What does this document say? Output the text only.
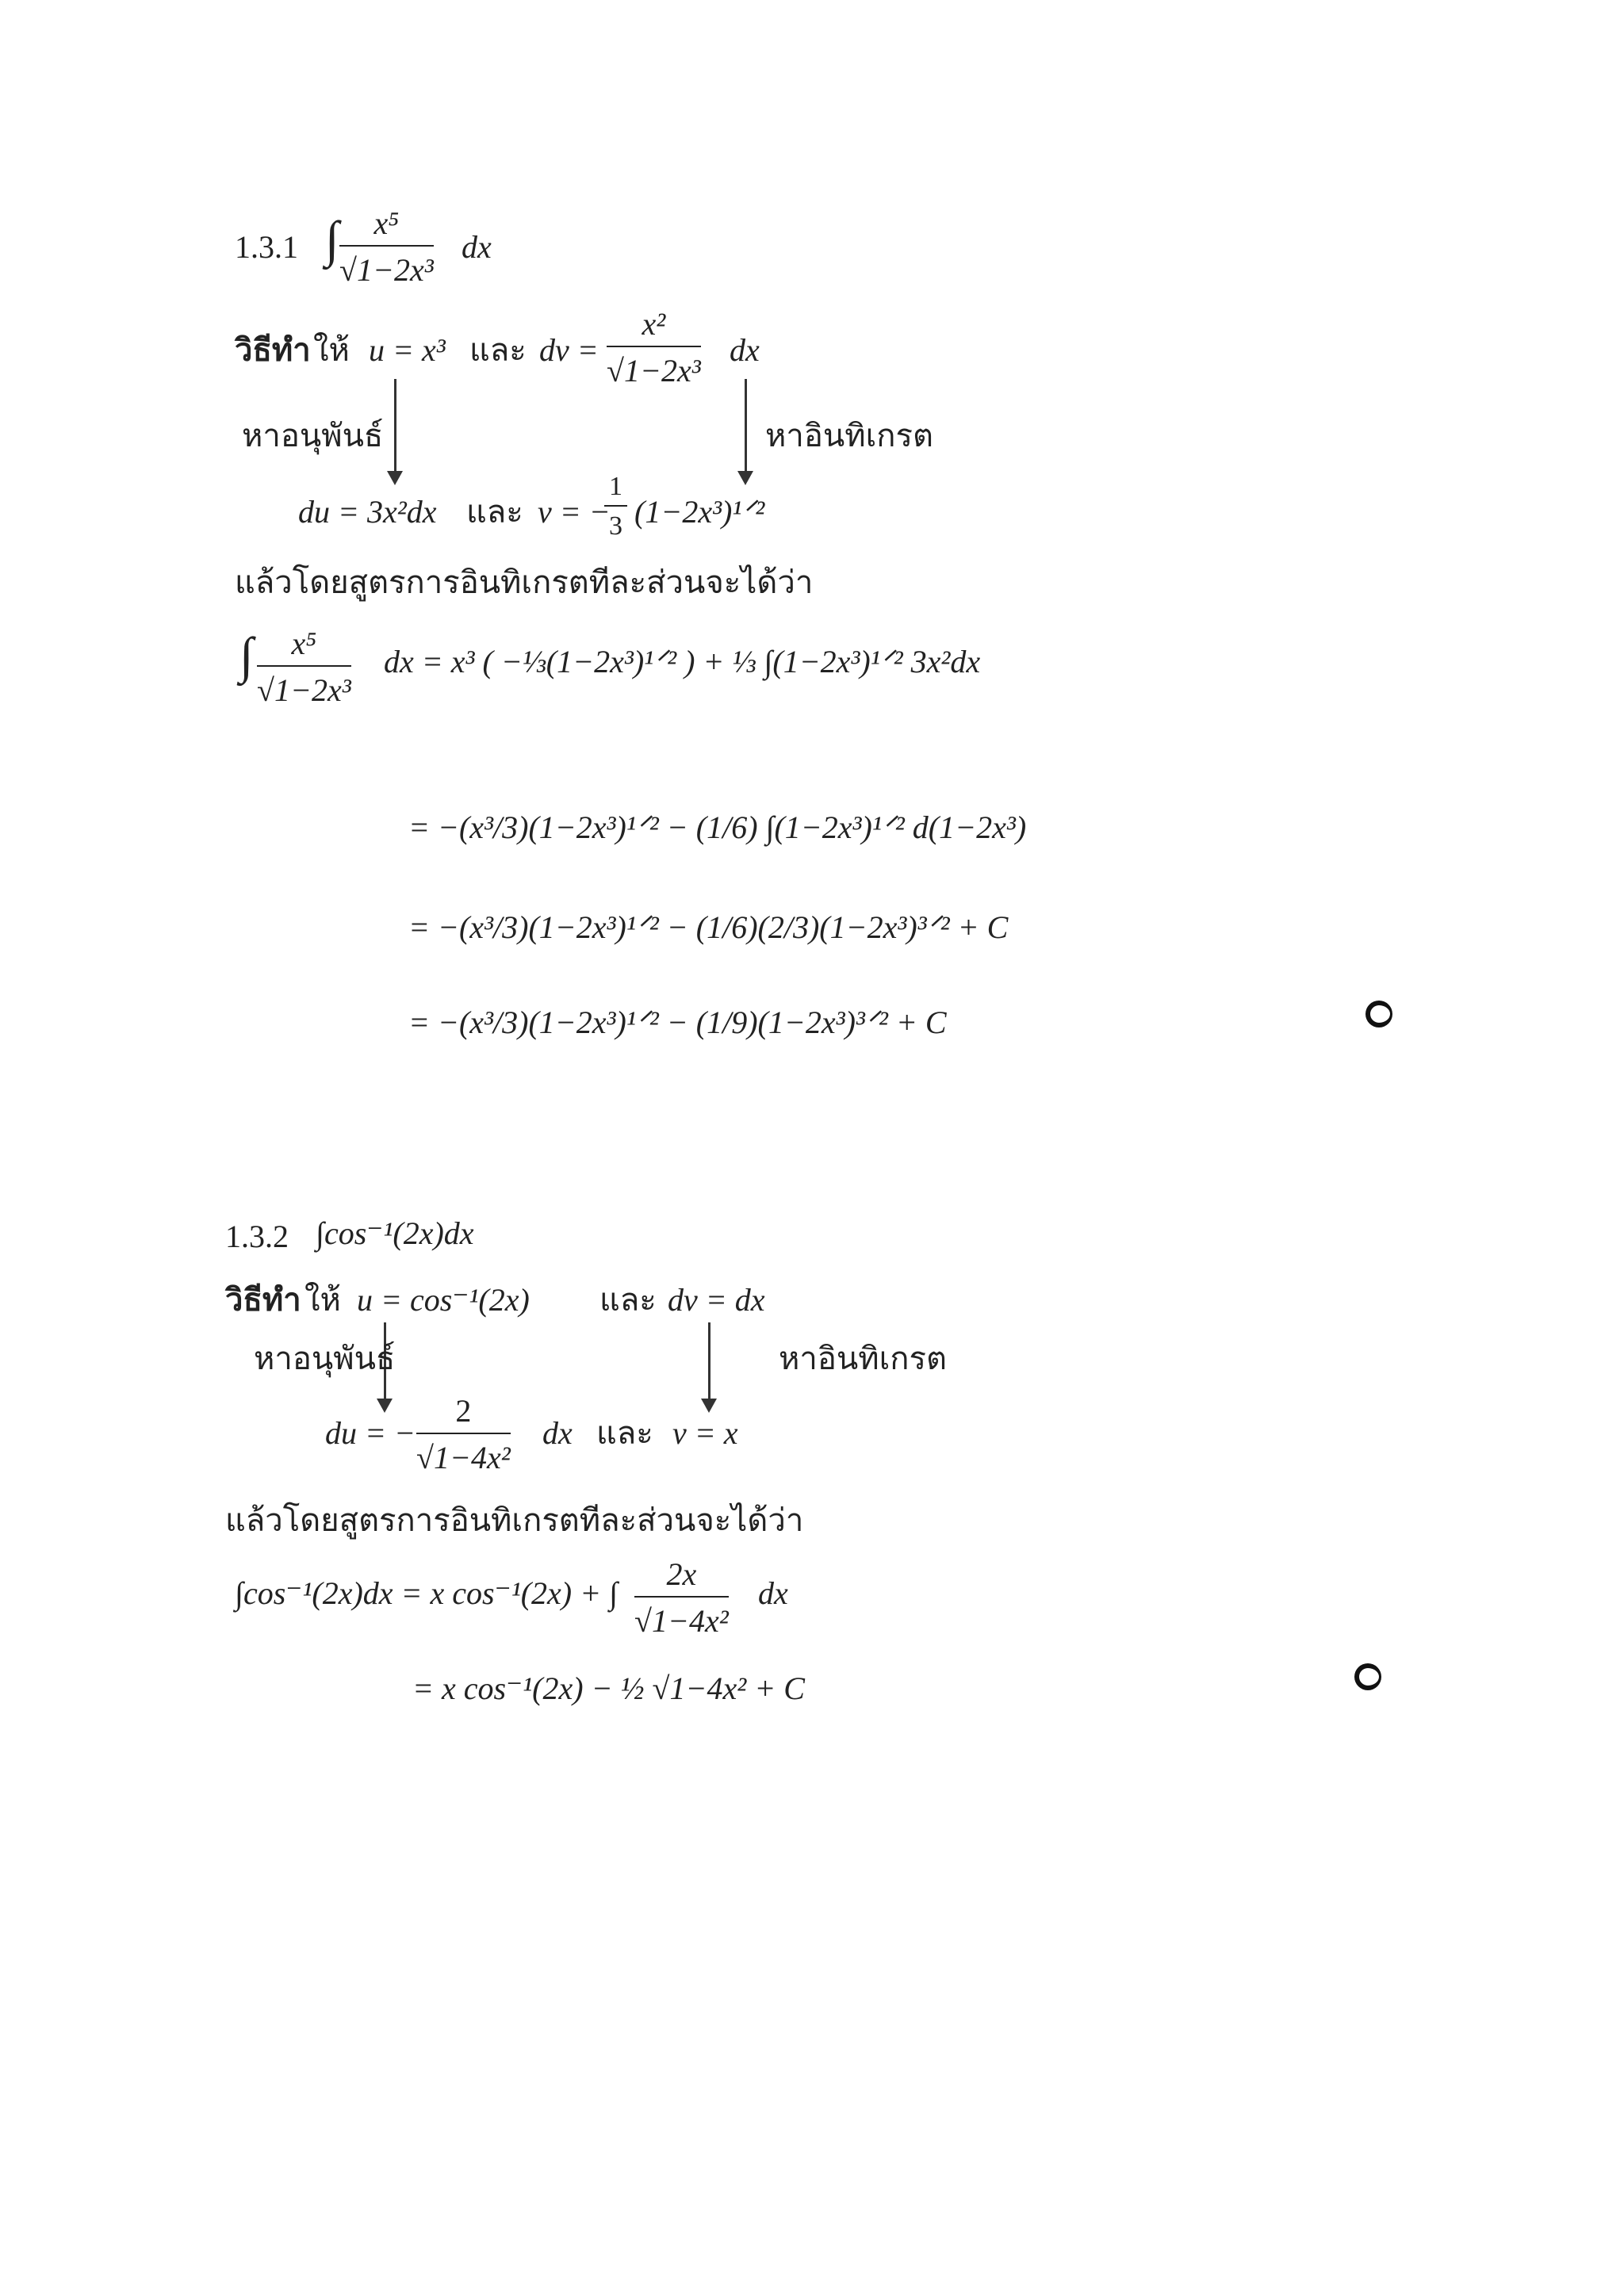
1.3.1 ∫ $\frac{\text{x⁵}}{\text{√1−2x³}}$ dx
วิธีทำ ให้ u = x³ และ dv = $\frac{\text{x²}}{\text{√1−2x³}}$ dx
หาอนุพันธ์	หาอินทิเกรต
du = 3x²dx และ v = −
$\frac{1}{3}$ (1−2x³)¹ᐟ²
แล้วโดยสูตรการอินทิเกรตทีละส่วนจะได้ว่า
∫ $\frac{\text{x⁵}}{\text{√1−2x³}}$ dx = x³ ( −⅓(1−2x³)¹ᐟ² ) + ⅓ ∫(1−2x³)¹ᐟ² 3x²dx
= −(x³/3)(1−2x³)¹ᐟ² − (1/6) ∫(1−2x³)¹ᐟ² d(1−2x³)
= −(x³/3)(1−2x³)¹ᐟ² − (1/6)(2/3)(1−2x³)³ᐟ² + C
= −(x³/3)(1−2x³)¹ᐟ² − (1/9)(1−2x³)³ᐟ² + C
1.3.2 ∫cos⁻¹(2x)dx
วิธีทำ ให้ u = cos⁻¹(2x) และ dv = dx
หาอนุพันธ์	หาอินทิเกรต
du = − $\frac{2}{\text{√1−4x²}}$ dx และ v = x
แล้วโดยสูตรการอินทิเกรตทีละส่วนจะได้ว่า
∫cos⁻¹(2x)dx = x cos⁻¹(2x) + ∫ $\frac{2x}{\text{√1−4x²}}$ dx
= x cos⁻¹(2x) − ½ √1−4x² + C
